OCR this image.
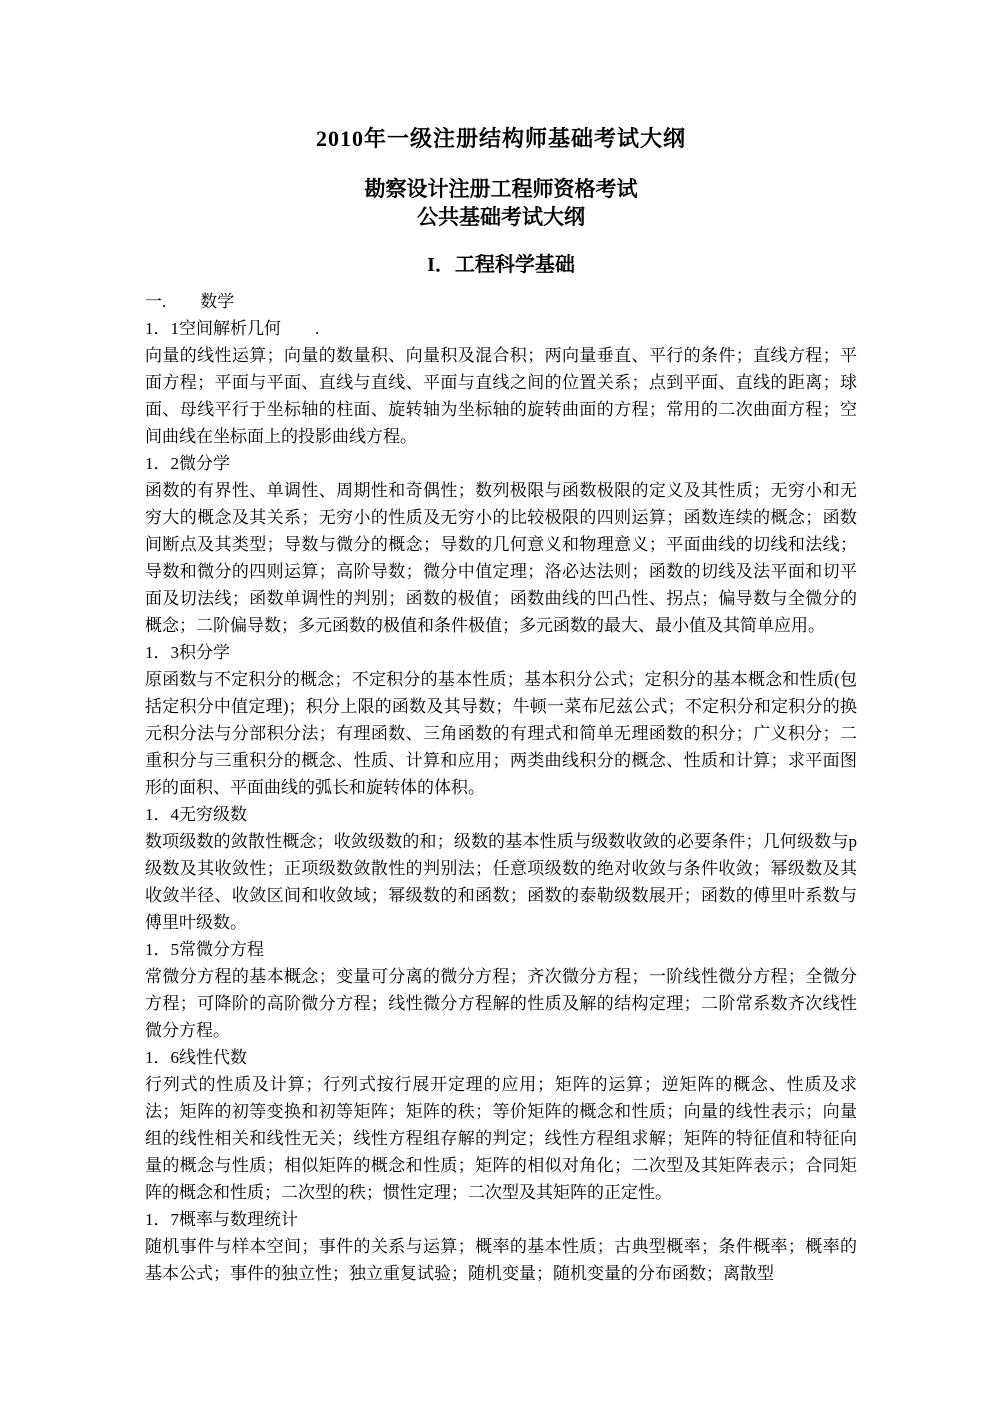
2010年一级注册结构师基础考试大纲
勘察设计注册工程师资格考试
公共基础考试大纲
I．工程科学基础
一.　　数学
1．1空间解析几何　　.
向量的线性运算；向量的数量积、向量积及混合积；两向量垂直、平行的条件；直线方程；平面方程；平面与平面、直线与直线、平面与直线之间的位置关系；点到平面、直线的距离；球面、母线平行于坐标轴的柱面、旋转轴为坐标轴的旋转曲面的方程；常用的二次曲面方程；空间曲线在坐标面上的投影曲线方程。
1．2微分学
函数的有界性、单调性、周期性和奇偶性；数列极限与函数极限的定义及其性质；无穷小和无穷大的概念及其关系；无穷小的性质及无穷小的比较极限的四则运算；函数连续的概念；函数间断点及其类型；导数与微分的概念；导数的几何意义和物理意义；平面曲线的切线和法线；导数和微分的四则运算；高阶导数；微分中值定理；洛必达法则；函数的切线及法平面和切平面及切法线；函数单调性的判别；函数的极值；函数曲线的凹凸性、拐点；偏导数与全微分的概念；二阶偏导数；多元函数的极值和条件极值；多元函数的最大、最小值及其简单应用。
1．3积分学
原函数与不定积分的概念；不定积分的基本性质；基本积分公式；定积分的基本概念和性质(包括定积分中值定理)；积分上限的函数及其导数；牛顿一菜布尼兹公式；不定积分和定积分的换元积分法与分部积分法；有理函数、三角函数的有理式和简单无理函数的积分；广义积分；二重积分与三重积分的概念、性质、计算和应用；两类曲线积分的概念、性质和计算；求平面图形的面积、平面曲线的弧长和旋转体的体积。
1．4无穷级数
数项级数的敛散性概念；收敛级数的和；级数的基本性质与级数收敛的必要条件；几何级数与p级数及其收敛性；正项级数敛散性的判别法；任意项级数的绝对收敛与条件收敛；幂级数及其收敛半径、收敛区间和收敛域；幂级数的和函数；函数的泰勒级数展开；函数的傅里叶系数与傅里叶级数。
1．5常微分方程
常微分方程的基本概念；变量可分离的微分方程；齐次微分方程；一阶线性微分方程；全微分方程；可降阶的高阶微分方程；线性微分方程解的性质及解的结构定理；二阶常系数齐次线性微分方程。
1．6线性代数
行列式的性质及计算；行列式按行展开定理的应用；矩阵的运算；逆矩阵的概念、性质及求法；矩阵的初等变换和初等矩阵；矩阵的秩；等价矩阵的概念和性质；向量的线性表示；向量组的线性相关和线性无关；线性方程组存解的判定；线性方程组求解；矩阵的特征值和特征向量的概念与性质；相似矩阵的概念和性质；矩阵的相似对角化；二次型及其矩阵表示；合同矩阵的概念和性质；二次型的秩；惯性定理；二次型及其矩阵的正定性。
1．7概率与数理统计
随机事件与样本空间；事件的关系与运算；概率的基本性质；古典型概率；条件概率；概率的基本公式；事件的独立性；独立重复试验；随机变量；随机变量的分布函数；离散型
